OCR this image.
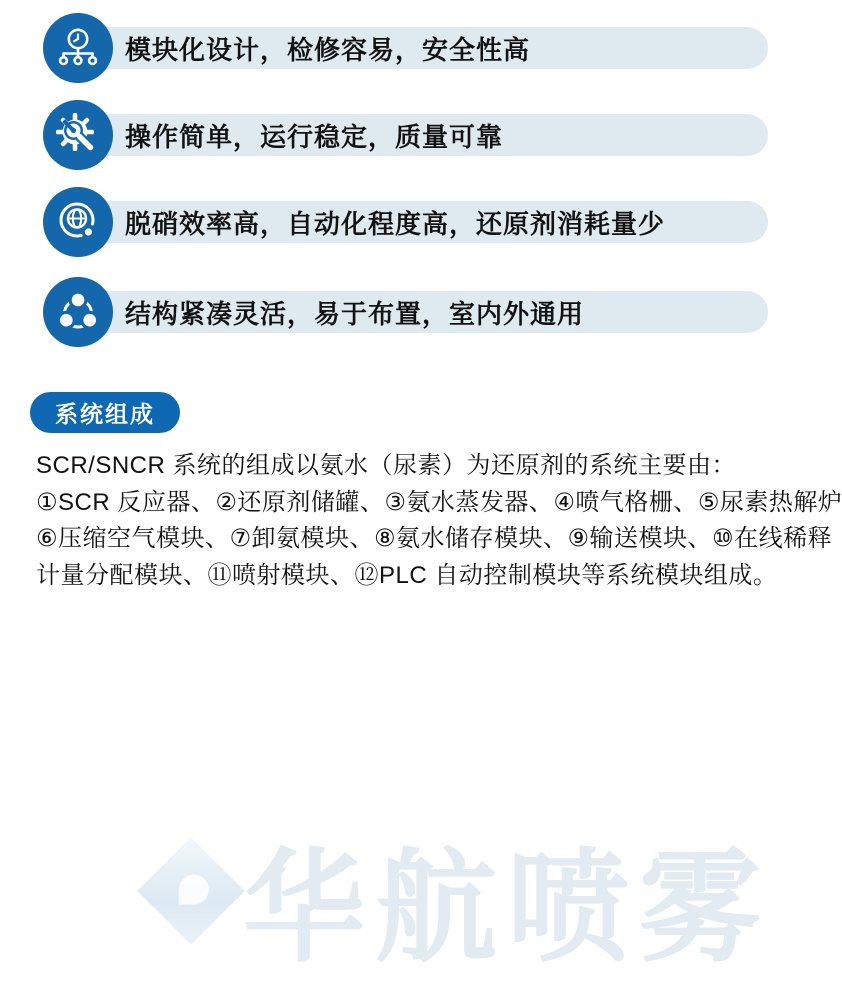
华航喷雾
模块化设计，检修容易，安全性高
操作简单，运行稳定，质量可靠
脱硝效率高，自动化程度高，还原剂消耗量少
结构紧凑灵活，易于布置，室内外通用
系统组成
SCR/SNCR 系统的组成以氨水（尿素）为还原剂的系统主要由：
①SCR 反应器、②还原剂储罐、③氨水蒸发器、④喷气格栅、⑤尿素热解炉
⑥压缩空气模块、⑦卸氨模块、⑧氨水储存模块、⑨输送模块、⑩在线稀释
计量分配模块、⑪喷射模块、⑫PLC 自动控制模块等系统模块组成。
